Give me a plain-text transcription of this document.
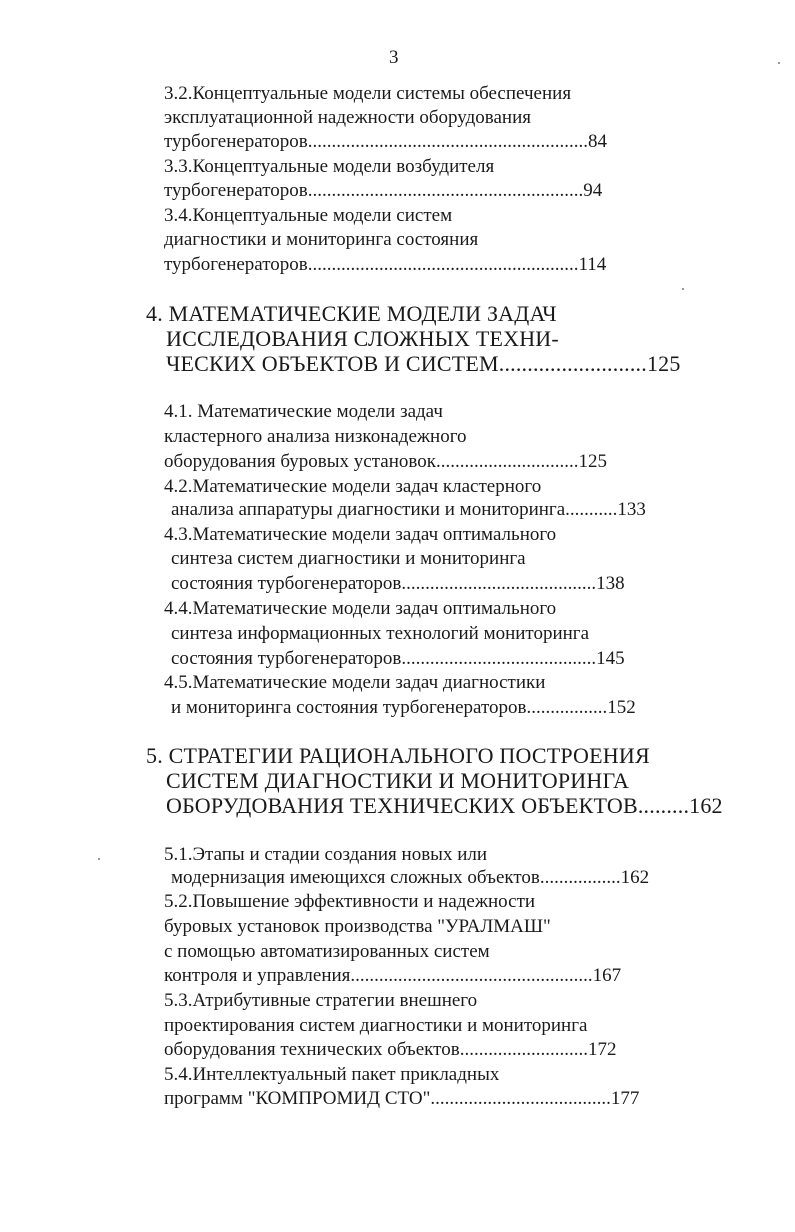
3
3.2.Концептуальные модели системы обеспечения
эксплуатационной надежности оборудования
турбогенераторов...........................................................84
3.3.Концептуальные модели возбудителя
турбогенераторов..........................................................94
3.4.Концептуальные модели систем
диагностики и мониторинга состояния
турбогенераторов.........................................................114
4. МАТЕМАТИЧЕСКИЕ МОДЕЛИ ЗАДАЧ
ИССЛЕДОВАНИЯ СЛОЖНЫХ ТЕХНИ-
ЧЕСКИХ ОБЪЕКТОВ И СИСТЕМ..........................125
4.1. Математические модели задач
кластерного анализа низконадежного
оборудования буровых установок..............................125
4.2.Математические модели задач кластерного
анализа аппаратуры диагностики и мониторинга...........133
4.3.Математические модели задач оптимального
синтеза систем диагностики и мониторинга
состояния турбогенераторов.........................................138
4.4.Математические модели задач оптимального
синтеза информационных технологий мониторинга
состояния турбогенераторов.........................................145
4.5.Математические модели задач диагностики
и мониторинга состояния турбогенераторов.................152
5. СТРАТЕГИИ РАЦИОНАЛЬНОГО ПОСТРОЕНИЯ
СИСТЕМ ДИАГНОСТИКИ И МОНИТОРИНГА
ОБОРУДОВАНИЯ ТЕХНИЧЕСКИХ ОБЪЕКТОВ.........162
5.1.Этапы и стадии создания новых или
модернизация имеющихся сложных объектов.................162
5.2.Повышение эффективности и надежности
буровых установок производства "УРАЛМАШ"
с помощью автоматизированных систем
контроля и управления...................................................167
5.3.Атрибутивные стратегии внешнего
проектирования систем диагностики и мониторинга
оборудования технических объектов...........................172
5.4.Интеллектуальный пакет прикладных
программ "КОМПРОМИД СТО"......................................177
